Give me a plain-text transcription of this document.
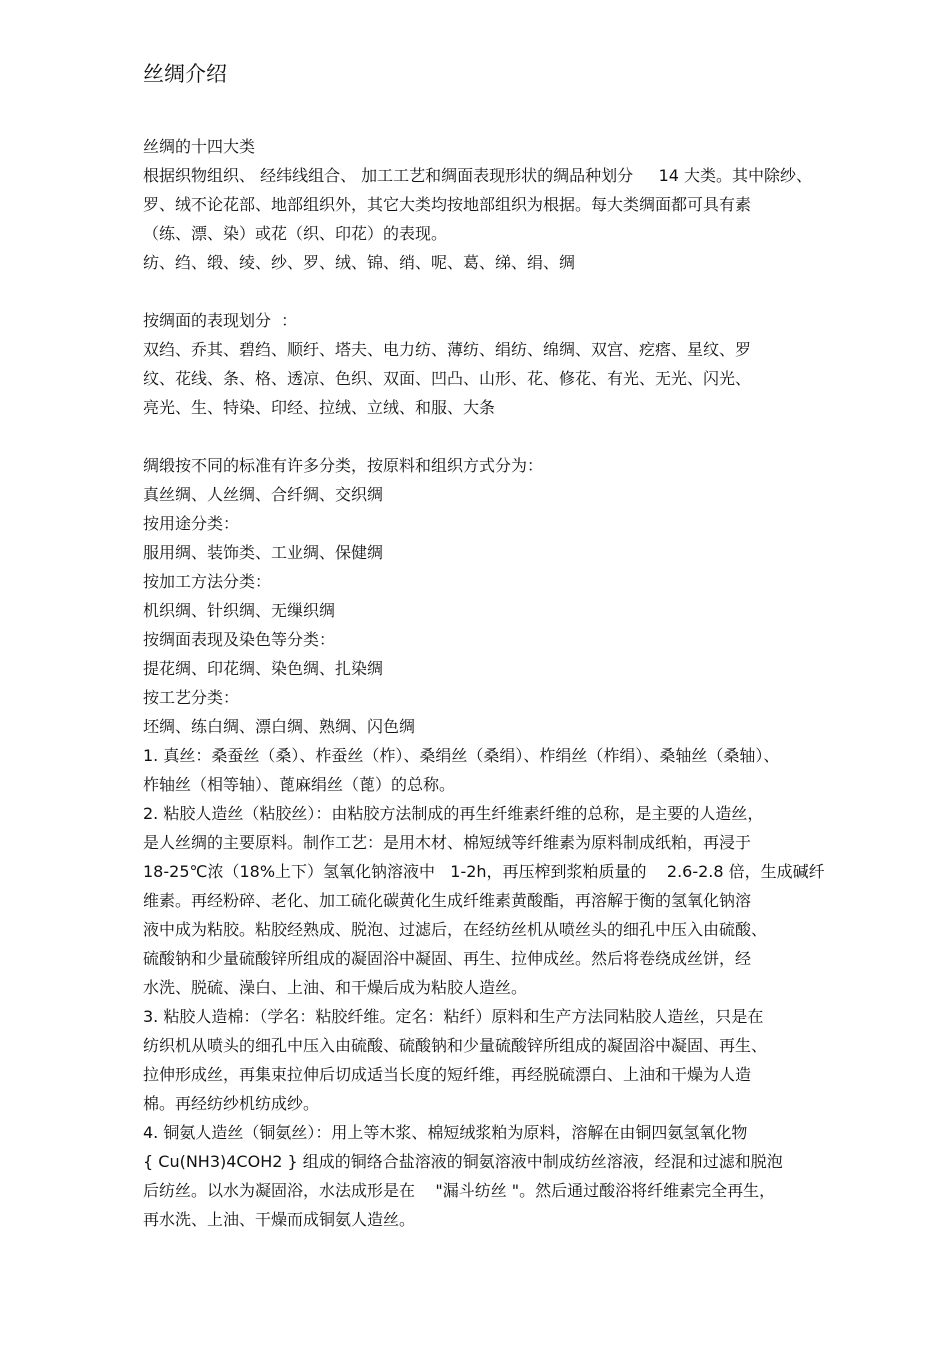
丝绸介绍
丝绸的十四大类
根据织物组织、 经纬线组合、 加工工艺和绸面表现形状的绸品种划分     14 大类。其中除纱、
罗、绒不论花部、地部组织外，其它大类均按地部组织为根据。每大类绸面都可具有素
（练、漂、染）或花（织、印花）的表现。
纺、绉、缎、绫、纱、罗、绒、锦、绡、呢、葛、绨、绢、绸
按绸面的表现划分  ：
双绉、乔其、碧绉、顺纡、塔夫、电力纺、薄纺、绢纺、绵绸、双宫、疙瘩、星纹、罗
纹、花线、条、格、透凉、色织、双面、凹凸、山形、花、修花、有光、无光、闪光、
亮光、生、特染、印经、拉绒、立绒、和服、大条
绸缎按不同的标准有许多分类，按原料和组织方式分为：
真丝绸、人丝绸、合纤绸、交织绸
按用途分类：
服用绸、装饰类、工业绸、保健绸
按加工方法分类：
机织绸、针织绸、无缫织绸
按绸面表现及染色等分类：
提花绸、印花绸、染色绸、扎染绸
按工艺分类：
坯绸、练白绸、漂白绸、熟绸、闪色绸
1. 真丝：桑蚕丝（桑）、柞蚕丝（柞）、桑绢丝（桑绢）、柞绢丝（柞绢）、桑轴丝（桑轴）、
柞轴丝（相等轴）、蓖麻绢丝（蓖）的总称。
2. 粘胶人造丝（粘胶丝）：由粘胶方法制成的再生纤维素纤维的总称，是主要的人造丝，
是人丝绸的主要原料。制作工艺：是用木材、棉短绒等纤维素为原料制成纸粕，再浸于
18-25℃浓（18%上下）氢氧化钠溶液中   1-2h，再压榨到浆粕质量的    2.6-2.8 倍，生成碱纤
维素。再经粉碎、老化、加工硫化碳黄化生成纤维素黄酸酯，再溶解于衡的氢氧化钠溶
液中成为粘胶。粘胶经熟成、脱泡、过滤后，在经纺丝机从喷丝头的细孔中压入由硫酸、
硫酸钠和少量硫酸锌所组成的凝固浴中凝固、再生、拉伸成丝。然后将卷绕成丝饼，经
水洗、脱硫、澡白、上油、和干燥后成为粘胶人造丝。
3. 粘胶人造棉：（学名：粘胶纤维。定名：粘纤）原料和生产方法同粘胶人造丝，只是在
纺织机从喷头的细孔中压入由硫酸、硫酸钠和少量硫酸锌所组成的凝固浴中凝固、再生、
拉伸形成丝，再集束拉伸后切成适当长度的短纤维，再经脱硫漂白、上油和干燥为人造
棉。再经纺纱机纺成纱。
4. 铜氨人造丝（铜氨丝）：用上等木浆、棉短绒浆粕为原料，溶解在由铜四氨氢氧化物
{ Cu(NH3)4COH2 } 组成的铜络合盐溶液的铜氨溶液中制成纺丝溶液，经混和过滤和脱泡
后纺丝。以水为凝固浴，水法成形是在    "漏斗纺丝 "。然后通过酸浴将纤维素完全再生，
再水洗、上油、干燥而成铜氨人造丝。
